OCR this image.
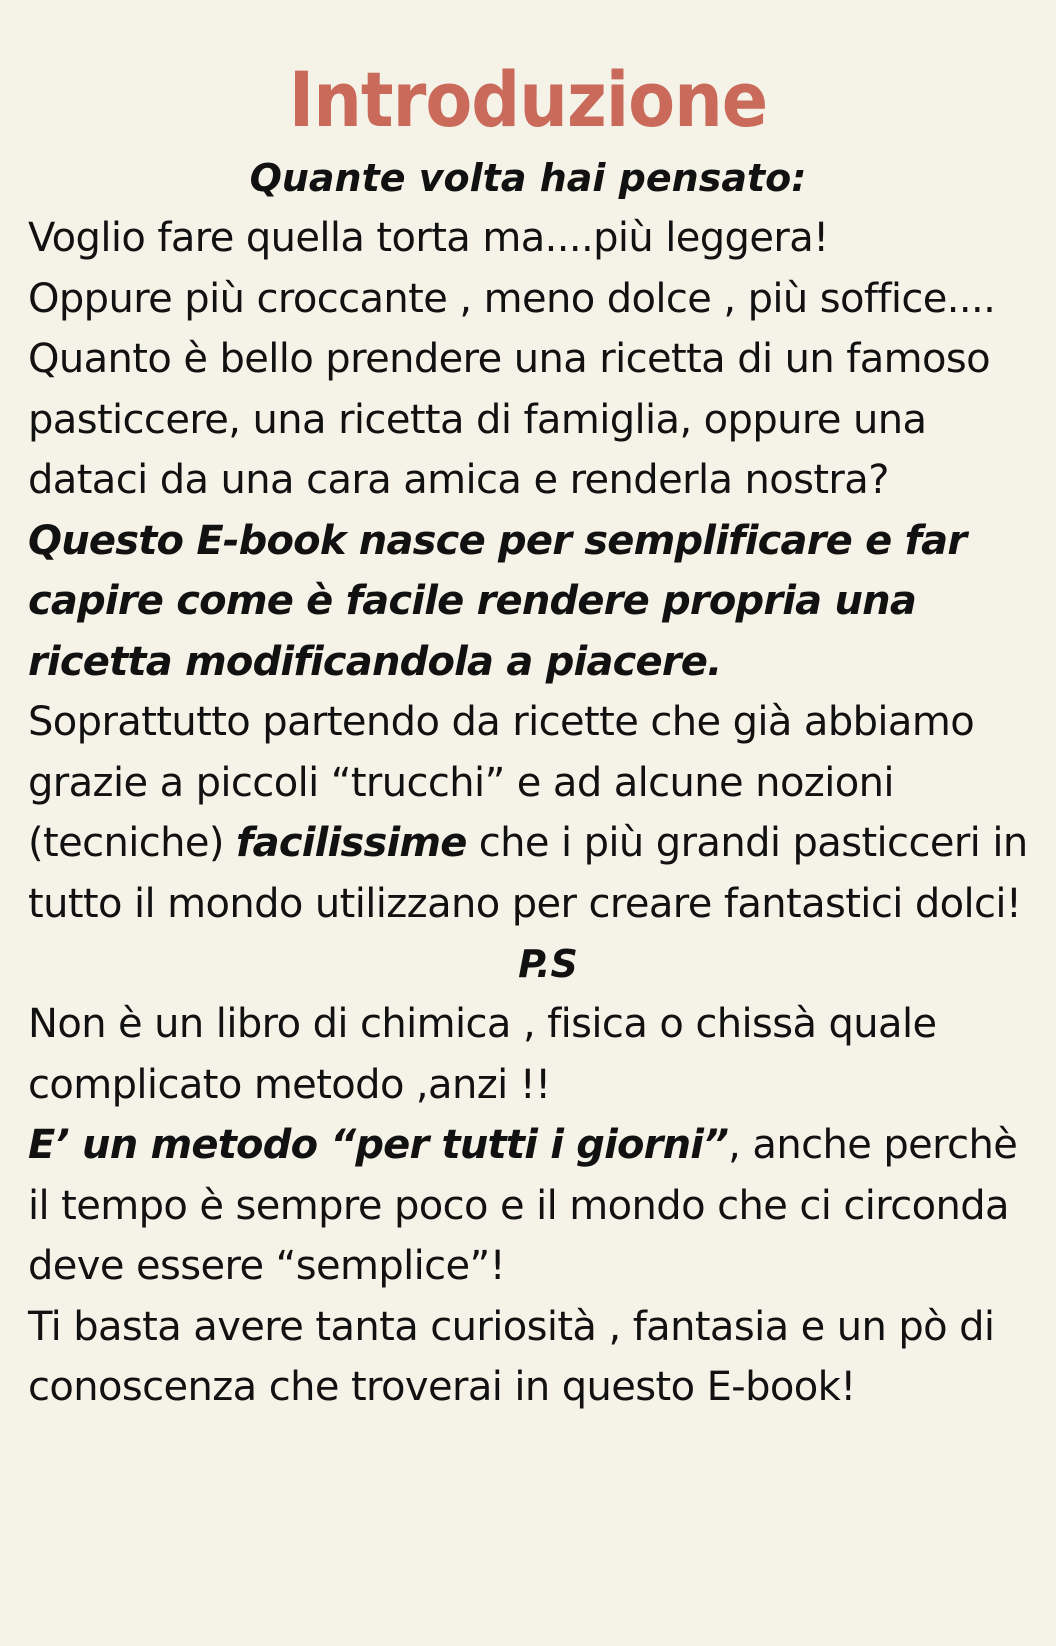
Introduzione

Quante volta hai pensato:

Voglio fare quella torta ma....più leggera!

Oppure più croccante , meno dolce , più soffice....

Quanto è bello prendere una ricetta di un famoso pasticcere, una ricetta di famiglia, oppure una dataci da una cara amica e renderla nostra?

Questo E-book nasce per semplificare e far capire come è facile rendere propria una ricetta modificandola a piacere.

Soprattutto partendo da ricette che già abbiamo grazie a piccoli “trucchi” e ad alcune nozioni (tecniche) facilissime che i più grandi pasticceri in tutto il mondo utilizzano per creare fantastici dolci!

P.S

Non è un libro di chimica , fisica o chissà quale complicato metodo ,anzi !!

E’ un metodo “per tutti i giorni”, anche perchè il tempo è sempre poco e il mondo che ci circonda deve essere “semplice”!

Ti basta avere tanta curiosità , fantasia e un pò di conoscenza che troverai in questo E-book!
